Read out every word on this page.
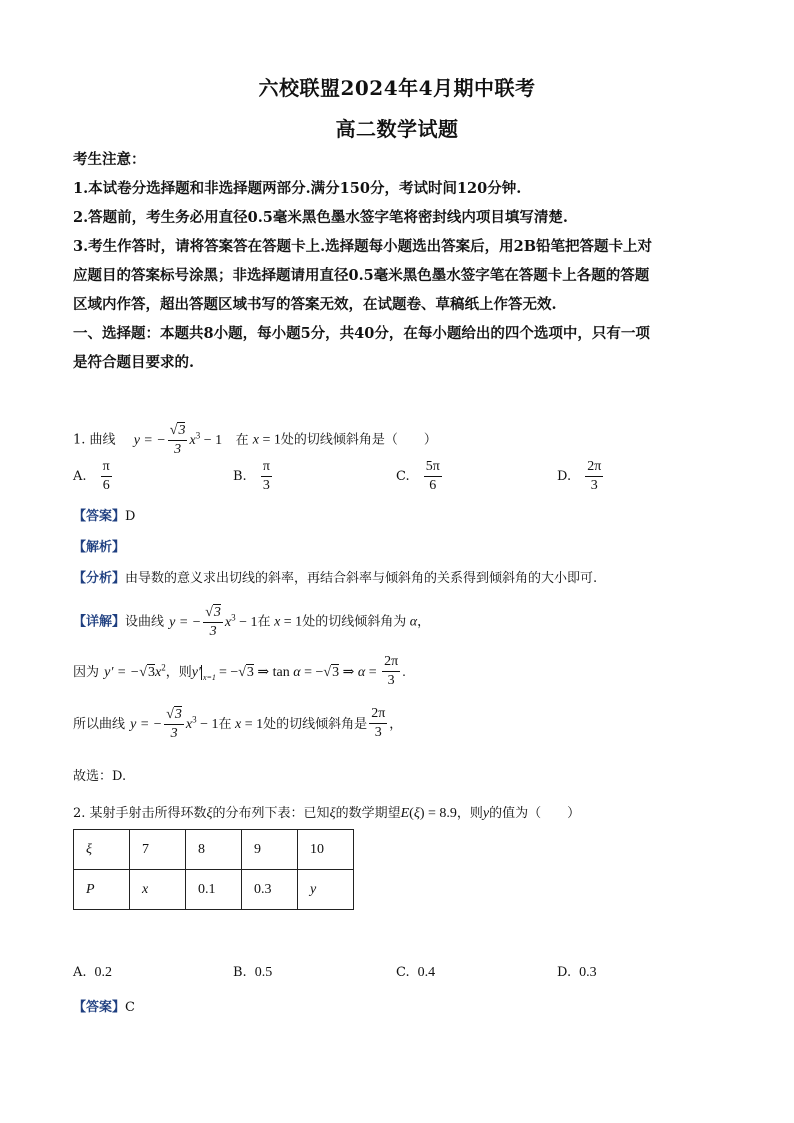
六校联盟2024年4月期中联考
高二数学试题
考生注意：
1.本试卷分选择题和非选择题两部分.满分150分，考试时间120分钟.
2.答题前，考生务必用直径0.5毫米黑色墨水签字笔将密封线内项目填写清楚.
3.考生作答时，请将答案答在答题卡上.选择题每小题选出答案后，用2B铅笔把答题卡上对
应题目的答案标号涂黑；非选择题请用直径0.5毫米黑色墨水签字笔在答题卡上各题的答题
区域内作答，超出答题区域书写的答案无效，在试题卷、草稿纸上作答无效.
一、选择题：本题共8小题，每小题5分，共40分，在每小题给出的四个选项中，只有一项
是符合题目要求的.
1. 曲线 y = − $\frac{√3}{3} x^3 - 1$ 在 x = 1处的切线倾斜角是（　　）
A. $\frac{\pi}{6}$	B. $\frac{\pi}{3}$	C. $\frac{5\pi}{6}$	D. $\frac{2\pi}{3}$
【答案】D
【解析】
【分析】由导数的意义求出切线的斜率，再结合斜率与倾斜角的关系得到倾斜角的大小即可.
【详解】设曲线 y = − $\frac{√3}{3} x^3 - 1$在 x = 1处的切线倾斜角为 α，
因为 $y' = -√3x^2$，则y′ $_{x=1}$ = −√3 ⇒ tan α = −√3 ⇒ $\alpha = \frac{2\pi}{3}$ .
所以曲线 y = − $\frac{√3}{3} x^3 - 1$在 x = 1处的切线倾斜角是 $\frac{2\pi}{3}$ ，
故选：D.
2. 某射手射击所得环数ξ的分布列下表：已知ξ的数学期望E(ξ) = 8.9，则y的值为（　　）
ξ	7	8	9	10
P	x	0.1	0.3	y
A. 0.2	B. 0.5	C. 0.4	D. 0.3
【答案】C
